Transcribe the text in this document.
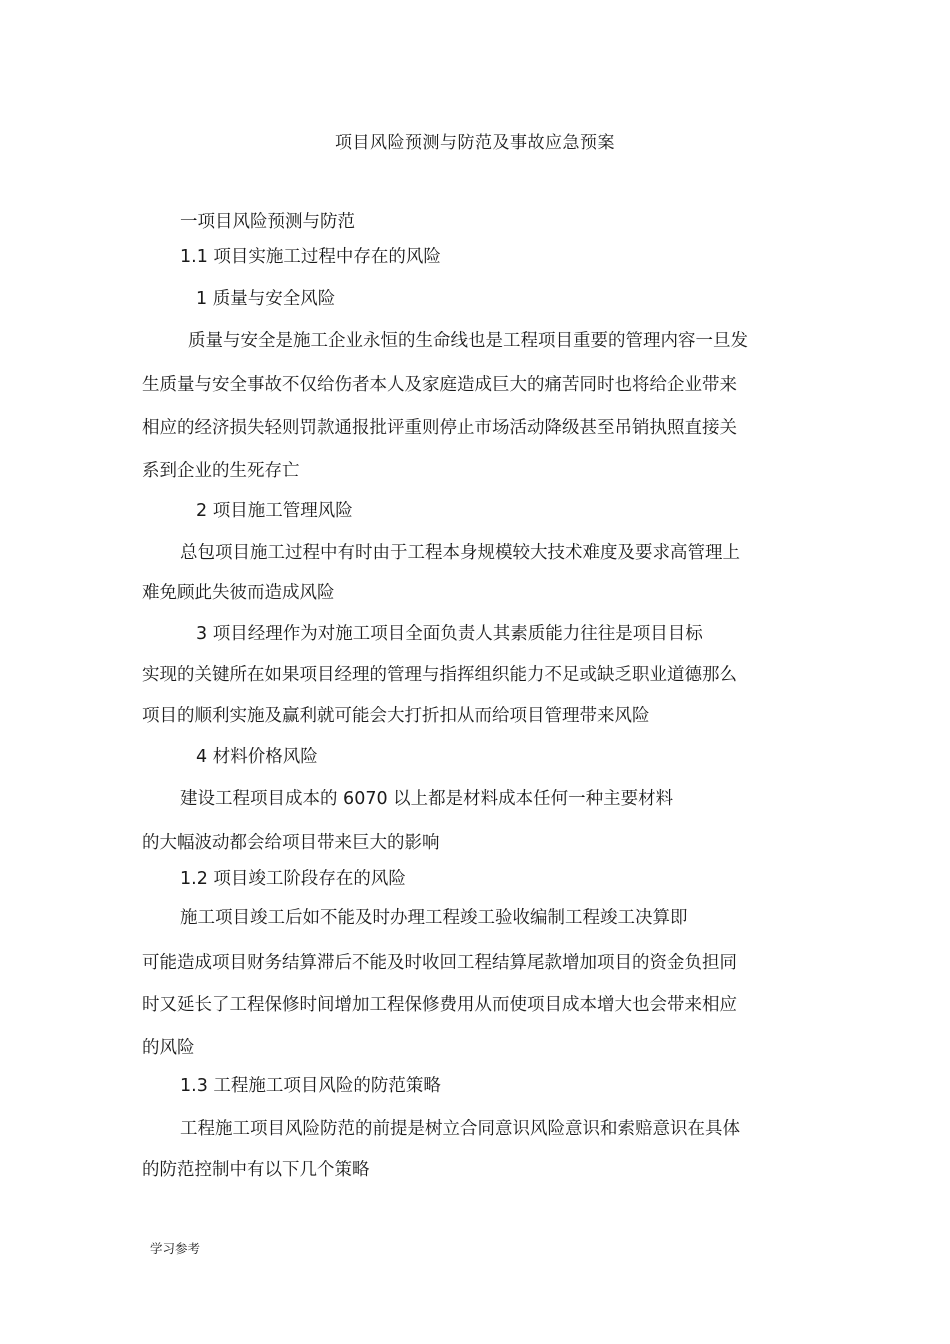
项目风险预测与防范及事故应急预案
一项目风险预测与防范
1.1 项目实施工过程中存在的风险
1 质量与安全风险
质量与安全是施工企业永恒的生命线也是工程项目重要的管理内容一旦发
生质量与安全事故不仅给伤者本人及家庭造成巨大的痛苦同时也将给企业带来
相应的经济损失轻则罚款通报批评重则停止市场活动降级甚至吊销执照直接关
系到企业的生死存亡
2 项目施工管理风险
总包项目施工过程中有时由于工程本身规模较大技术难度及要求高管理上
难免顾此失彼而造成风险
3 项目经理作为对施工项目全面负责人其素质能力往往是项目目标
实现的关键所在如果项目经理的管理与指挥组织能力不足或缺乏职业道德那么
项目的顺利实施及赢利就可能会大打折扣从而给项目管理带来风险
4 材料价格风险
建设工程项目成本的 6070 以上都是材料成本任何一种主要材料
的大幅波动都会给项目带来巨大的影响
1.2 项目竣工阶段存在的风险
施工项目竣工后如不能及时办理工程竣工验收编制工程竣工决算即
可能造成项目财务结算滞后不能及时收回工程结算尾款增加项目的资金负担同
时又延长了工程保修时间增加工程保修费用从而使项目成本增大也会带来相应
的风险
1.3 工程施工项目风险的防范策略
工程施工项目风险防范的前提是树立合同意识风险意识和索赔意识在具体
的防范控制中有以下几个策略
学习参考
